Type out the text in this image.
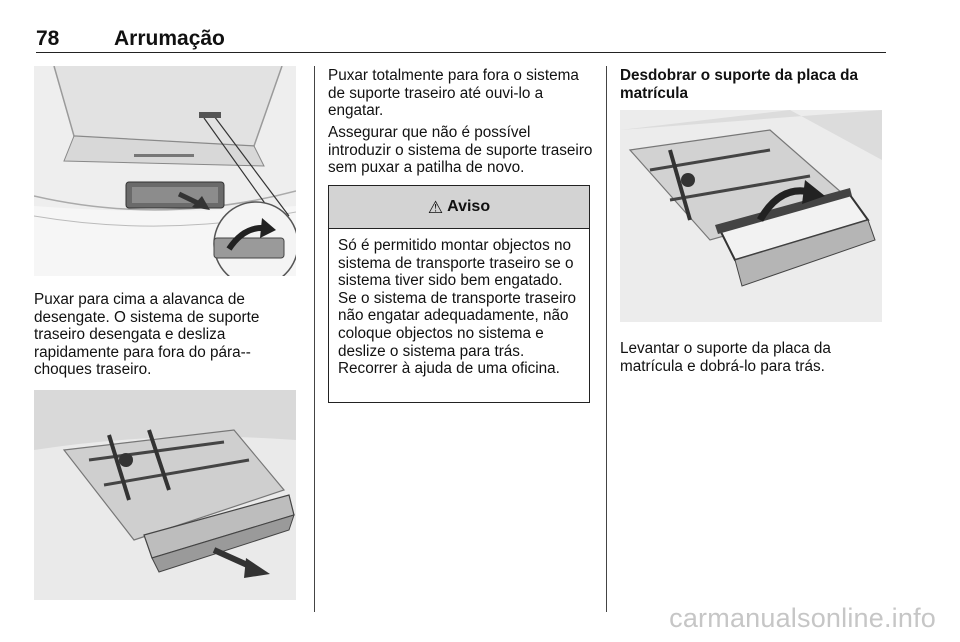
78	Arrumação

Puxar para cima a alavanca de desengate. O sistema de suporte traseiro desengata e desliza rapidamente para fora do pára--choques traseiro.

Puxar totalmente para fora o sistema de suporte traseiro até ouvi-lo a engatar.

Assegurar que não é possível introduzir o sistema de suporte traseiro sem puxar a patilha de novo.

⚠ Aviso

Só é permitido montar objectos no sistema de transporte traseiro se o sistema tiver sido bem engatado. Se o sistema de transporte traseiro não engatar adequadamente, não coloque objectos no sistema e deslize o sistema para trás. Recorrer à ajuda de uma oficina.

Desdobrar o suporte da placa da matrícula

Levantar o suporte da placa da matrícula e dobrá-lo para trás.

carmanualsonline.info
